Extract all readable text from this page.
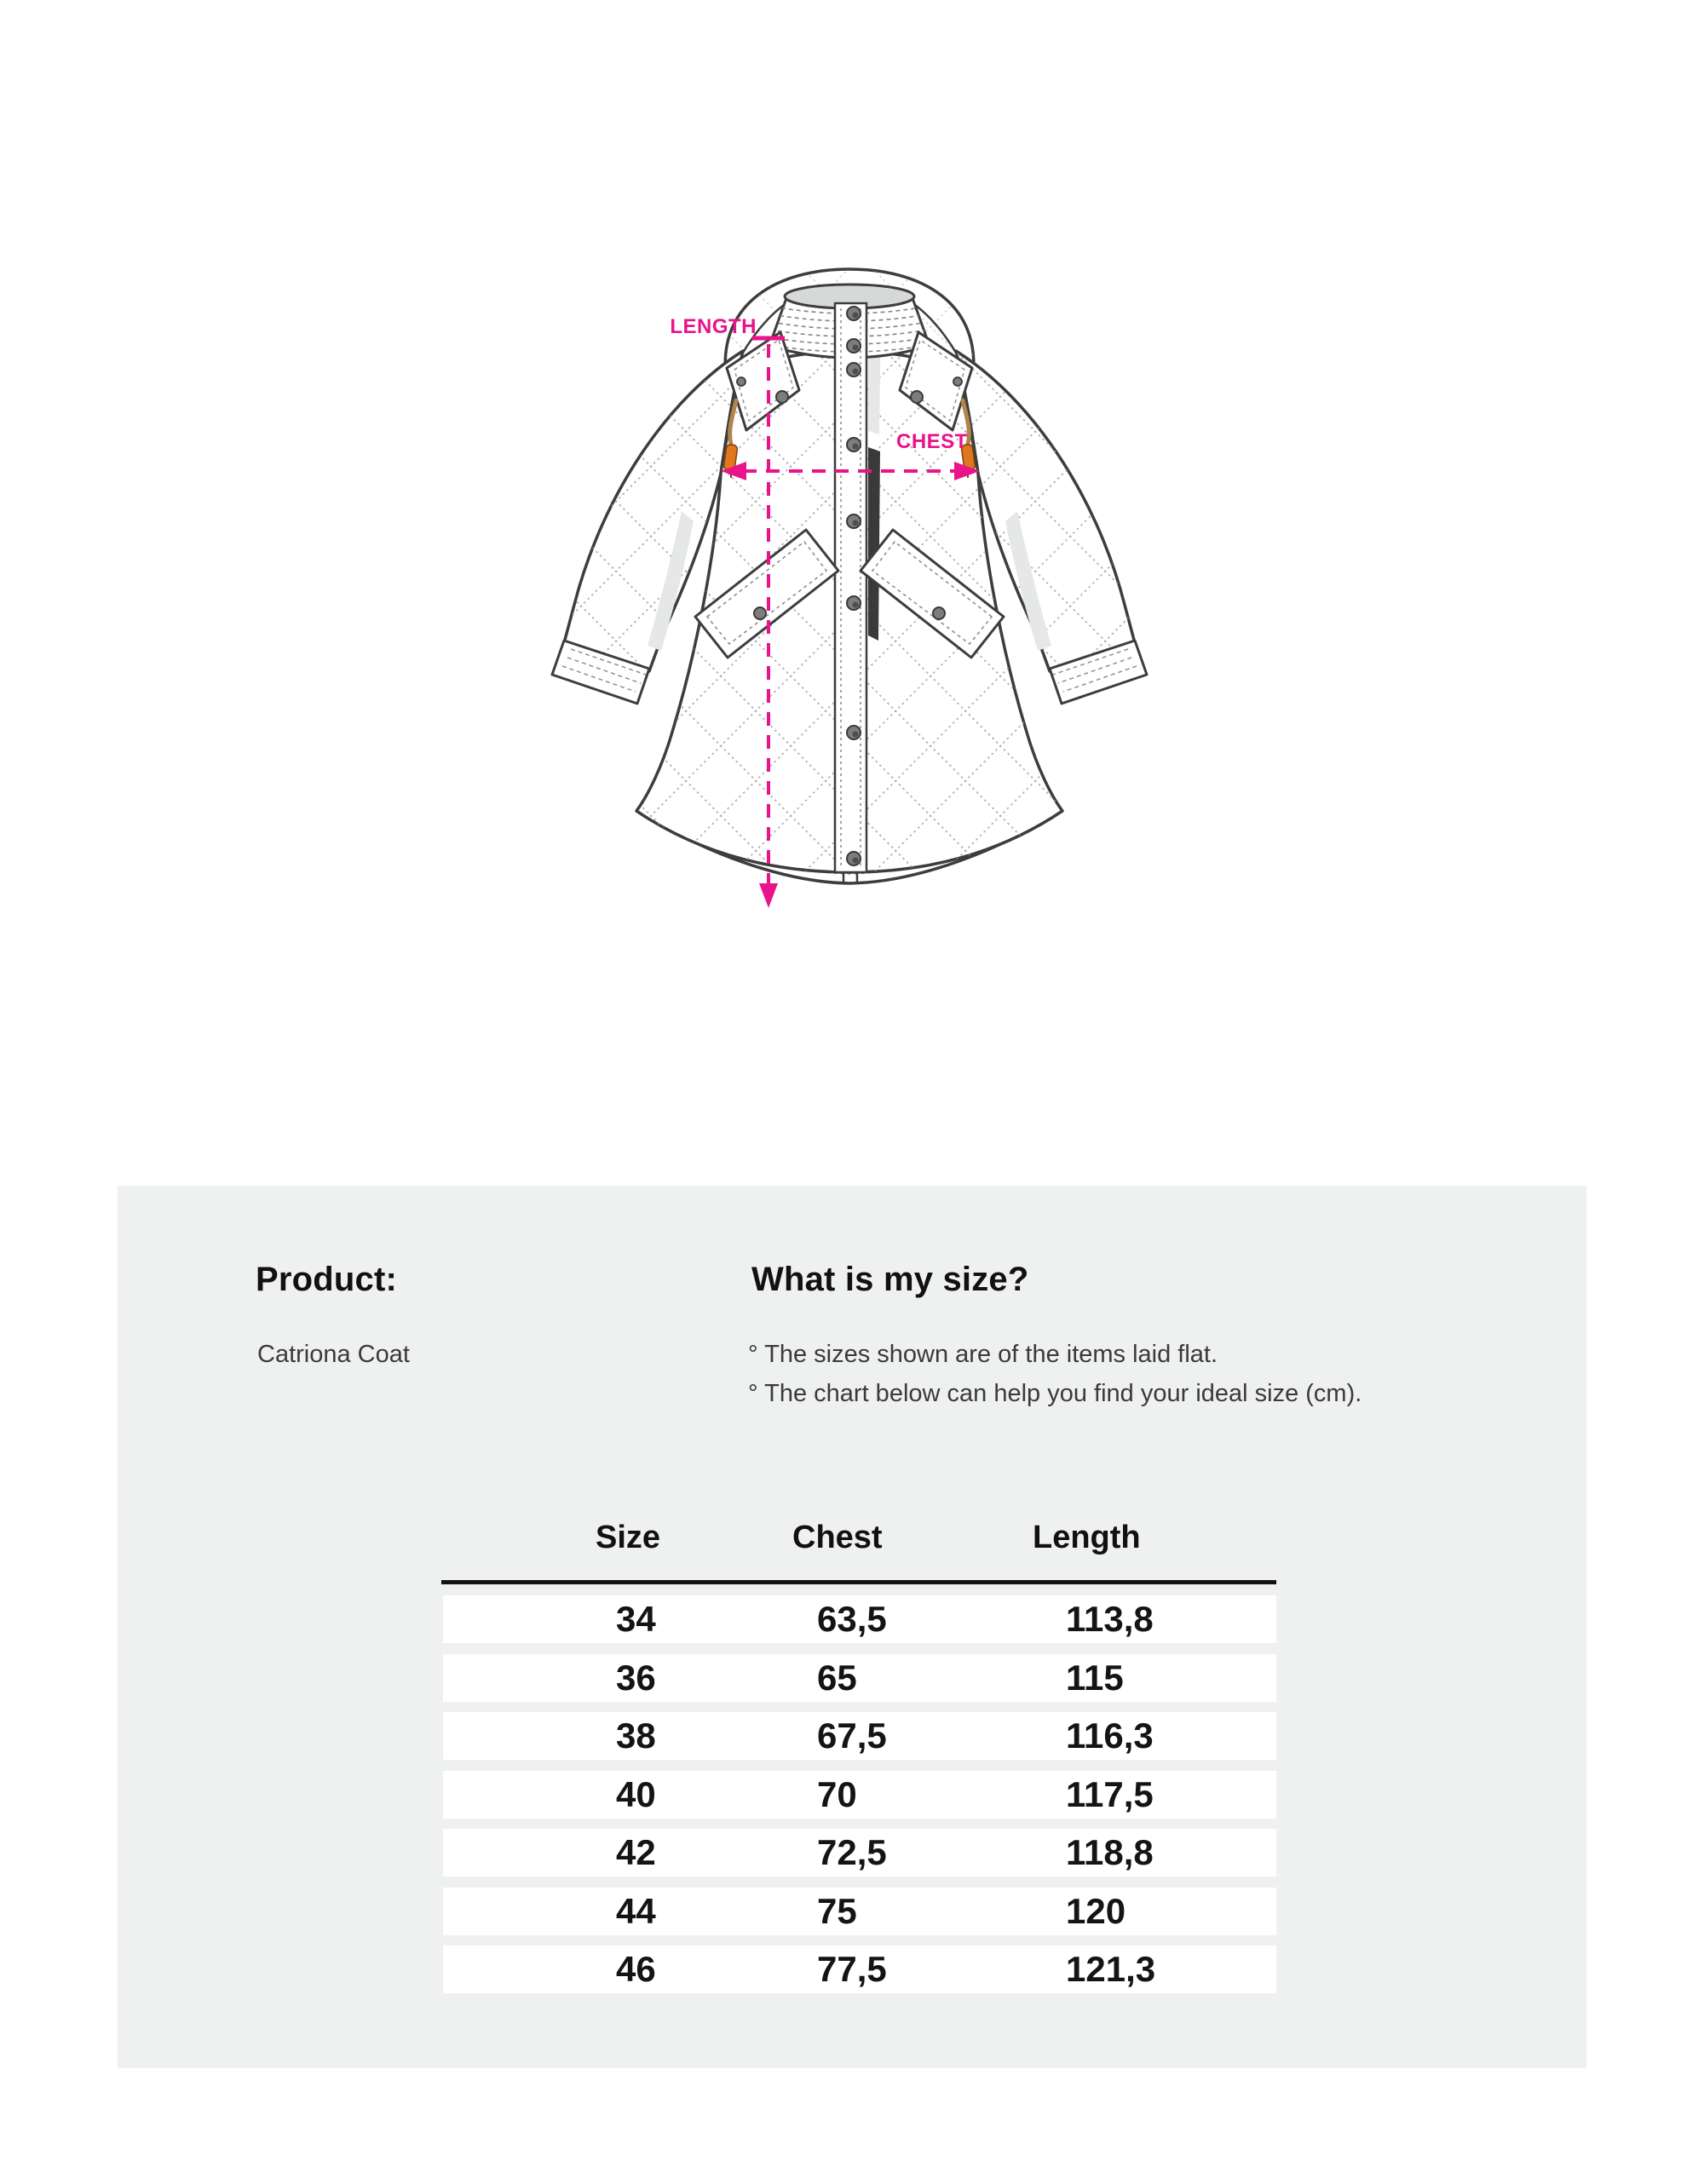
LENGTH
CHEST
Product:	What is my size?
Catriona Coat	° The sizes shown are of the items laid flat.
° The chart below can help you find your ideal size (cm).
Size	Chest	Length
34	63,5	113,8
36	65	115
38	67,5	116,3
40	70	117,5
42	72,5	118,8
44	75	120
46	77,5	121,3
